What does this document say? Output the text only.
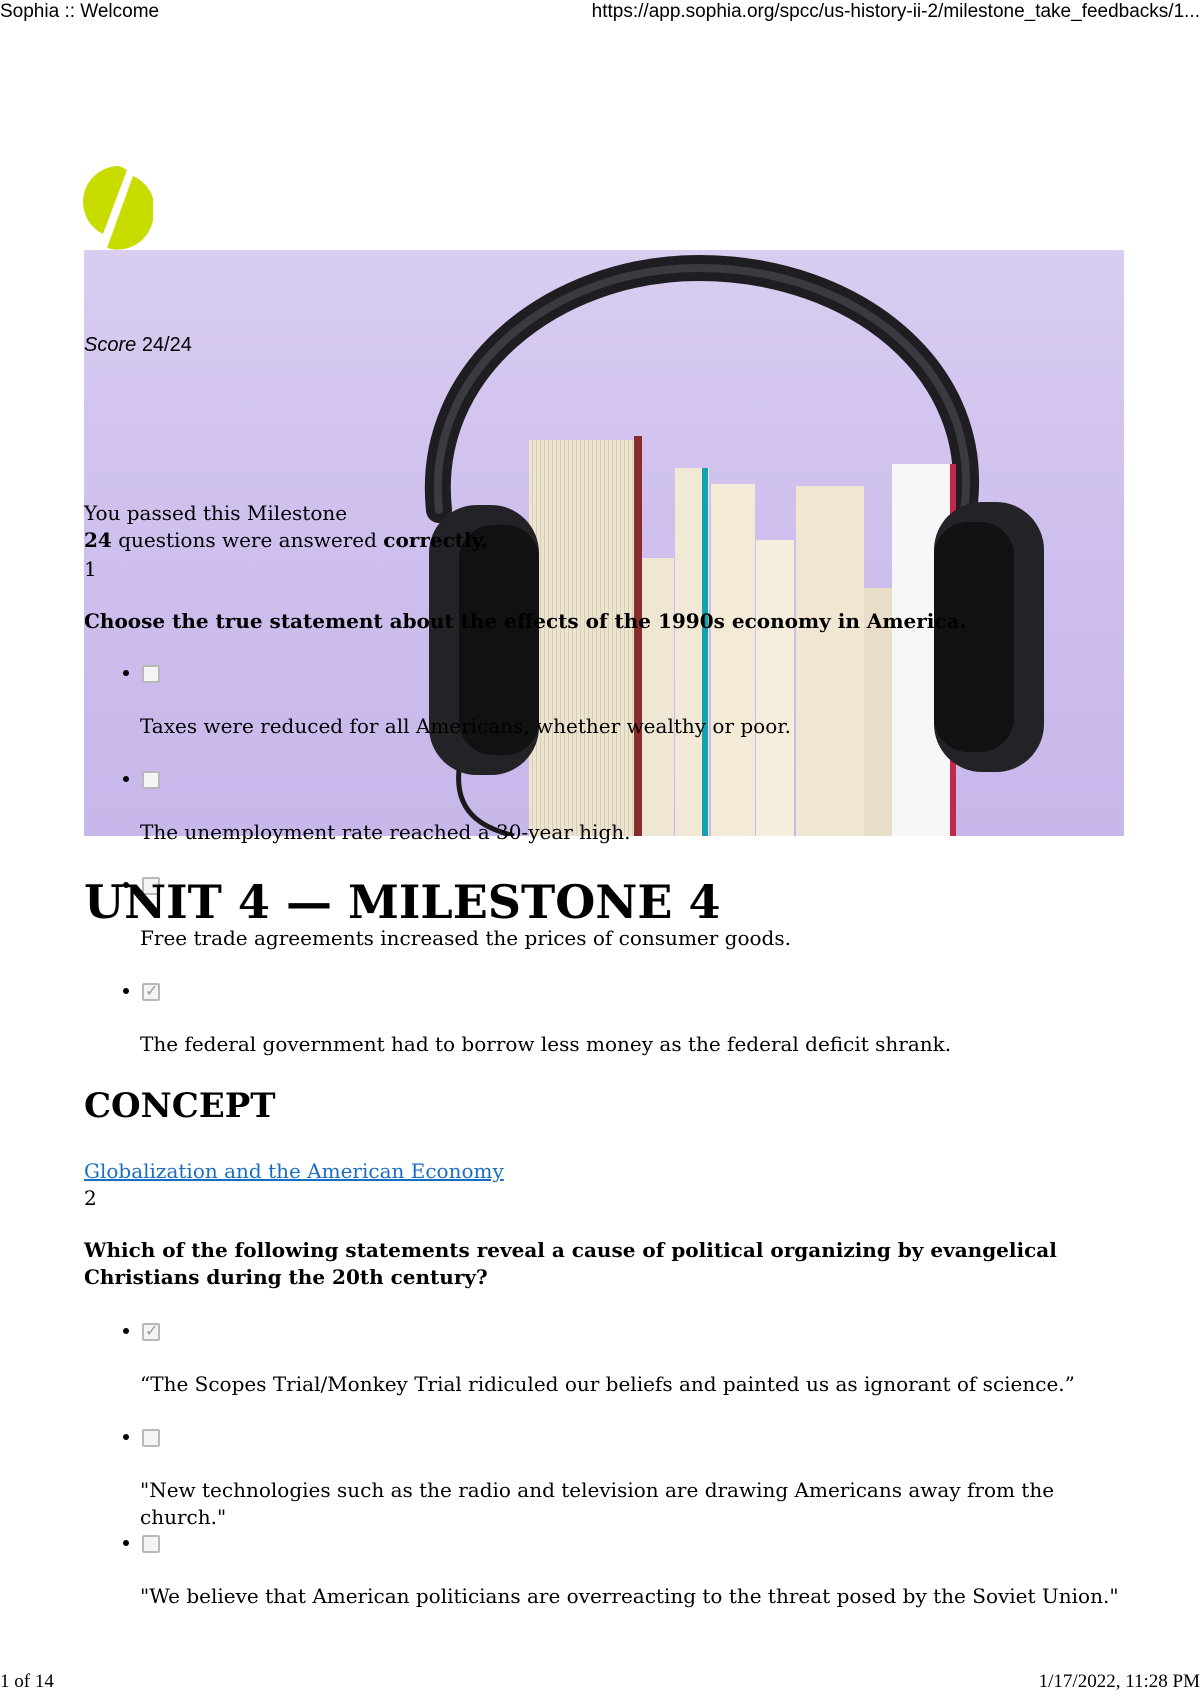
Sophia :: Welcome	https://app.sophia.org/spcc/us-history-ii-2/milestone_take_feedbacks/1...
Score 24/24
You passed this Milestone
24 questions were answered correctly.
1

Choose the true statement about the effects of the 1990s economy in America.

• Taxes were reduced for all Americans, whether wealthy or poor.
• The unemployment rate reached a 30-year high.
• Free trade agreements increased the prices of consumer goods.
✓
• The federal government had to borrow less money as the federal deficit shrank.
UNIT 4 — MILESTONE 4
CONCEPT
Globalization and the American Economy
2

Which of the following statements reveal a cause of political organizing by evangelical Christians during the 20th century?

✓
• “The Scopes Trial/Monkey Trial ridiculed our beliefs and painted us as ignorant of science.”
• "New technologies such as the radio and television are drawing Americans away from the church."
• "We believe that American politicians are overreacting to the threat posed by the Soviet Union."
1 of 14	1/17/2022, 11:28 PM
